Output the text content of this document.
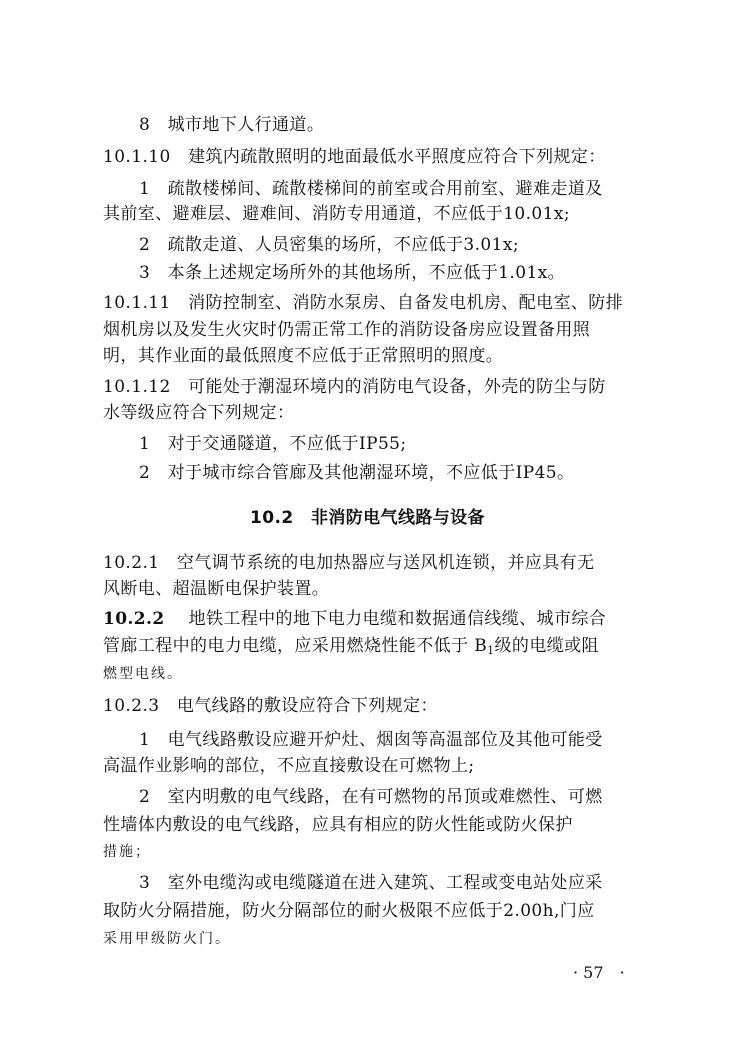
8　城市地下人行通道。
10.1.10　建筑内疏散照明的地面最低水平照度应符合下列规定：
1　疏散楼梯间、疏散楼梯间的前室或合用前室、避难走道及
其前室、避难层、避难间、消防专用通道，不应低于10.01x;
2　疏散走道、人员密集的场所，不应低于3.01x;
3　本条上述规定场所外的其他场所，不应低于1.01x。
10.1.11　消防控制室、消防水泵房、自备发电机房、配电室、防排
烟机房以及发生火灾时仍需正常工作的消防设备房应设置备用照
明，其作业面的最低照度不应低于正常照明的照度。
10.1.12　可能处于潮湿环境内的消防电气设备，外壳的防尘与防
水等级应符合下列规定：
1　对于交通隧道，不应低于IP55;
2　对于城市综合管廊及其他潮湿环境，不应低于IP45。
10.2　非消防电气线路与设备
10.2.1　空气调节系统的电加热器应与送风机连锁，并应具有无
风断电、超温断电保护装置。
10.2.2 地铁工程中的地下电力电缆和数据通信线缆、城市综合
管廊工程中的电力电缆，应采用燃烧性能不低于 $B_1$级的电缆或阻
燃型电线。
10.2.3　电气线路的敷设应符合下列规定：
1　电气线路敷设应避开炉灶、烟囱等高温部位及其他可能受
高温作业影响的部位，不应直接敷设在可燃物上;
2　室内明敷的电气线路，在有可燃物的吊顶或难燃性、可燃
性墙体内敷设的电气线路，应具有相应的防火性能或防火保护
措施；
3　室外电缆沟或电缆隧道在进入建筑、工程或变电站处应采
取防火分隔措施，防火分隔部位的耐火极限不应低于2.00h,门应
采用甲级防火门。
· 57　·
